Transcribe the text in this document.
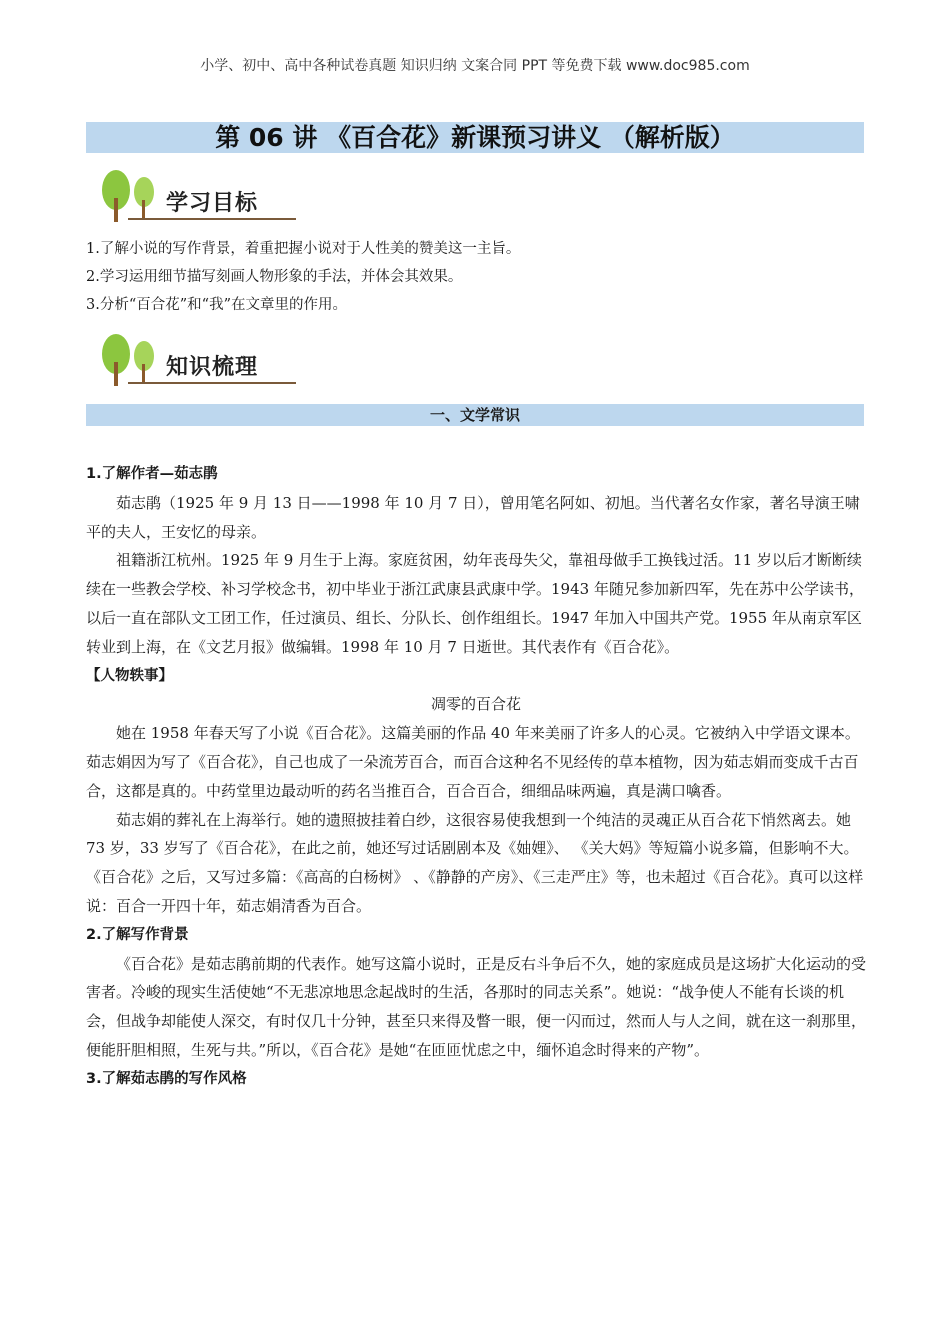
小学、初中、高中各种试卷真题 知识归纳 文案合同 PPT 等免费下载 www.doc985.com
第 06 讲 《百合花》新课预习讲义 （解析版）
学习目标

1.了解小说的写作背景，着重把握小说对于人性美的赞美这一主旨。

2.学习运用细节描写刻画人物形象的手法，并体会其效果。

3.分析“百合花”和“我”在文章里的作用。

知识梳理
一、文学常识

1.了解作者—茹志鹃

茹志鹃（1925 年 9 月 13 日——1998 年 10 月 7 日），曾用笔名阿如、初旭。当代著名女作家，著名导演王啸平的夫人，王安忆的母亲。

祖籍浙江杭州。1925 年 9 月生于上海。家庭贫困，幼年丧母失父，靠祖母做手工换钱过活。11 岁以后才断断续续在一些教会学校、补习学校念书，初中毕业于浙江武康县武康中学。1943 年随兄参加新四军，先在苏中公学读书，以后一直在部队文工团工作，任过演员、组长、分队长、创作组组长。1947 年加入中国共产党。1955 年从南京军区转业到上海，在《文艺月报》做编辑。1998 年 10 月 7 日逝世。其代表作有《百合花》。

【人物轶事】

凋零的百合花

她在 1958 年春天写了小说《百合花》。这篇美丽的作品 40 年来美丽了许多人的心灵。它被纳入中学语文课本。茹志娟因为写了《百合花》，自己也成了一朵流芳百合，而百合这种名不见经传的草本植物，因为茹志娟而变成千古百合，这都是真的。中药堂里边最动听的药名当推百合，百合百合，细细品味两遍，真是满口噙香。

茹志娟的葬礼在上海举行。她的遗照披挂着白纱，这很容易使我想到一个纯洁的灵魂正从百合花下悄然离去。她 73 岁，33 岁写了《百合花》，在此之前，她还写过话剧剧本及《妯娌》、 《关大妈》等短篇小说多篇，但影响不大。《百合花》之后，又写过多篇：《高高的白杨树》 、《静静的产房》、《三走严庄》等，也未超过《百合花》。真可以这样说：百合一开四十年，茹志娟清香为百合。

2.了解写作背景

《百合花》是茹志鹃前期的代表作。她写这篇小说时，正是反右斗争后不久，她的家庭成员是这场扩大化运动的受害者。冷峻的现实生活使她“不无悲凉地思念起战时的生活，各那时的同志关系”。她说：“战争使人不能有长谈的机会，但战争却能使人深交，有时仅几十分钟，甚至只来得及瞥一眼，便一闪而过，然而人与人之间，就在这一刹那里，便能肝胆相照，生死与共。”所以，《百合花》是她“在匝匝忧虑之中，缅怀追念时得来的产物”。

3.了解茹志鹃的写作风格
